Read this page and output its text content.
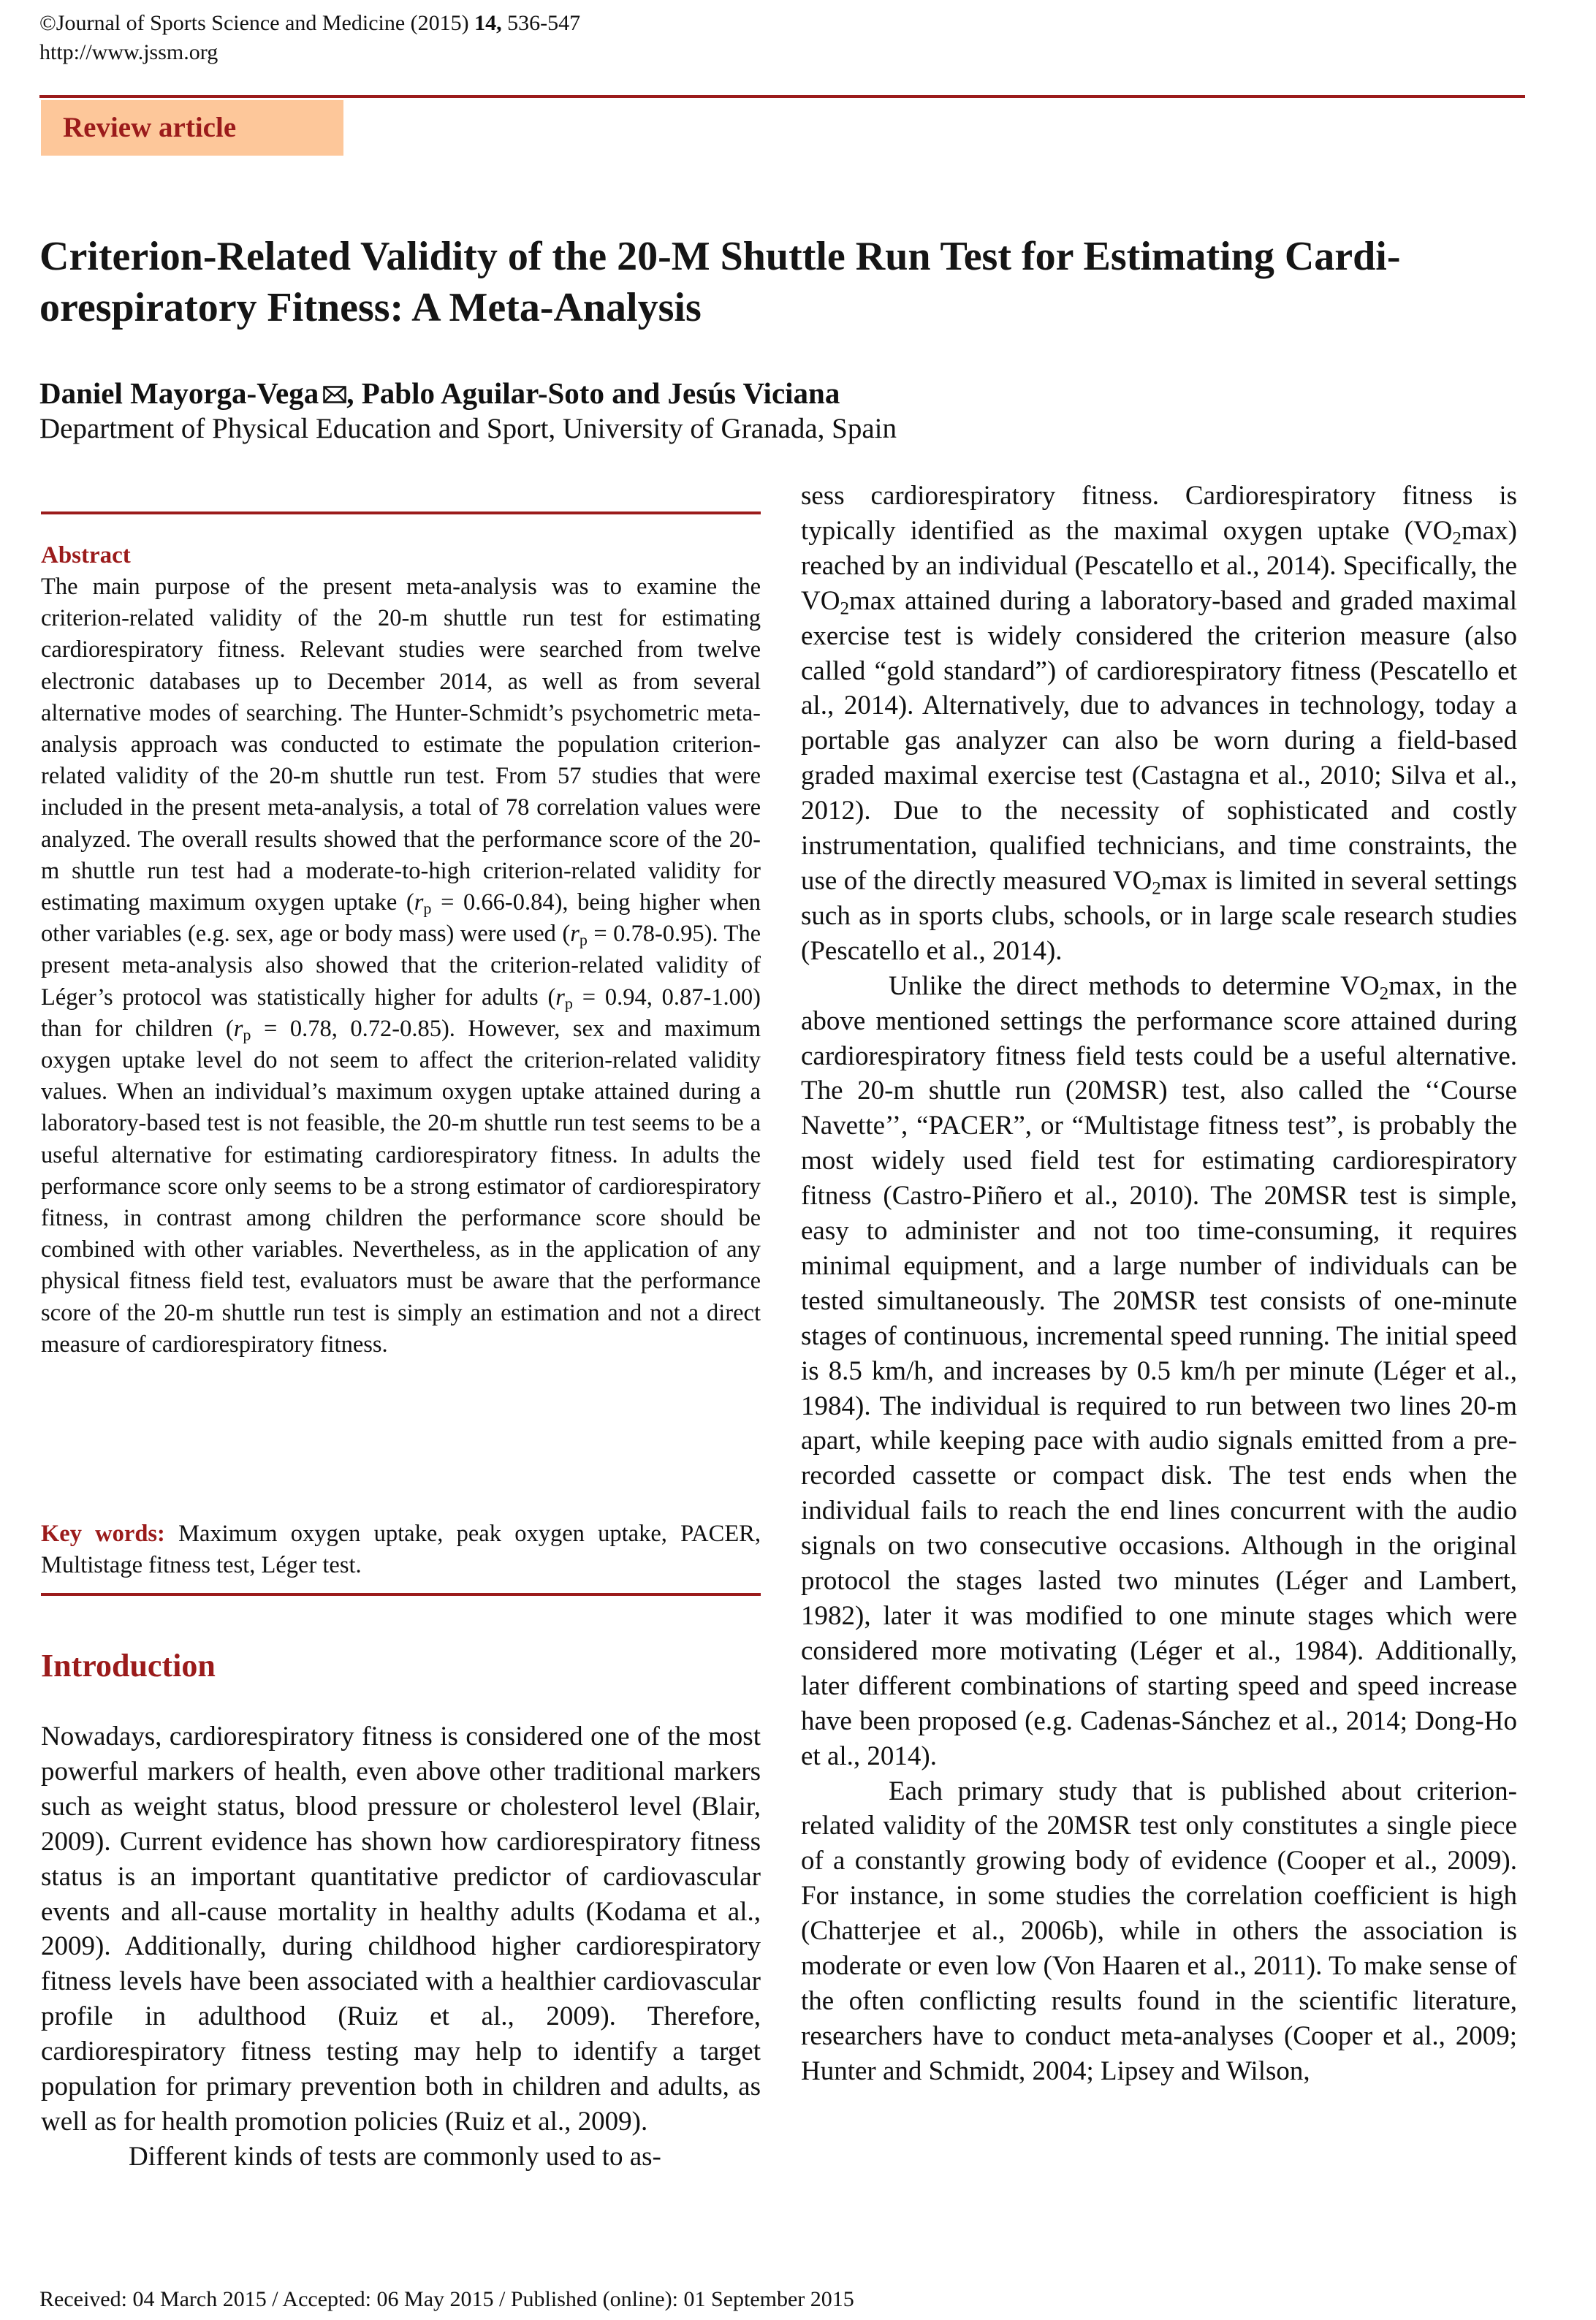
©Journal of Sports Science and Medicine (2015) 14, 536-547
http://www.jssm.org
Review article
Criterion-Related Validity of the 20-M Shuttle Run Test for Estimating Cardiorespiratory Fitness: A Meta-Analysis
Daniel Mayorga-Vega , Pablo Aguilar-Soto and Jesús Viciana
Department of Physical Education and Sport, University of Granada, Spain
Abstract

The main purpose of the present meta-analysis was to examine the criterion-related validity of the 20-m shuttle run test for estimating cardiorespiratory fitness. Relevant studies were searched from twelve electronic databases up to December 2014, as well as from several alternative modes of searching. The Hunter-Schmidt’s psychometric meta-analysis approach was conducted to estimate the population criterion-related validity of the 20-m shuttle run test. From 57 studies that were included in the present meta-analysis, a total of 78 correlation values were analyzed. The overall results showed that the performance score of the 20-m shuttle run test had a moderate-to-high criterion-related validity for estimating maximum oxygen uptake $(r_p = 0.66-0.84)$, being higher when other variables (e.g. sex, age or body mass) were used $(r_p = 0.78-0.95)$. The present meta-analysis also showed that the criterion-related validity of Léger’s protocol was statistically higher for adults ($r_p = 0.94$, 0.87-1.00) than for children ($r_p = 0.78$, 0.72-0.85). However, sex and maximum oxygen uptake level do not seem to affect the criterion-related validity values. When an individual’s maximum oxygen uptake attained during a laboratory-based test is not feasible, the 20-m shuttle run test seems to be a useful alternative for estimating cardiorespiratory fitness. In adults the performance score only seems to be a strong estimator of cardiorespiratory fitness, in contrast among children the performance score should be combined with other variables. Nevertheless, as in the application of any physical fitness field test, evaluators must be aware that the performance score of the 20-m shuttle run test is simply an estimation and not a direct measure of cardiorespiratory fitness.

Key words: Maximum oxygen uptake, peak oxygen uptake, PACER, Multistage fitness test, Léger test.

Introduction

Nowadays, cardiorespiratory fitness is considered one of the most powerful markers of health, even above other traditional markers such as weight status, blood pressure or cholesterol level (Blair, 2009). Current evidence has shown how cardiorespiratory fitness status is an important quantitative predictor of cardiovascular events and all-cause mortality in healthy adults (Kodama et al., 2009). Additionally, during childhood higher cardiorespiratory fitness levels have been associated with a healthier cardiovascular profile in adulthood (Ruiz et al., 2009). Therefore, cardiorespiratory fitness testing may help to identify a target population for primary prevention both in children and adults, as well as for health promotion policies (Ruiz et al., 2009).

Different kinds of tests are commonly used to as-

sess cardiorespiratory fitness. Cardiorespiratory fitness is typically identified as the maximal oxygen uptake $(VO_2\max)$ reached by an individual (Pescatello et al., 2014). Specifically, the $VO_2\max$ attained during a laboratory-based and graded maximal exercise test is widely considered the criterion measure (also called “gold standard”) of cardiorespiratory fitness (Pescatello et al., 2014). Alternatively, due to advances in technology, today a portable gas analyzer can also be worn during a field-based graded maximal exercise test (Castagna et al., 2010; Silva et al., 2012). Due to the necessity of sophisticated and costly instrumentation, qualified technicians, and time constraints, the use of the directly measured $VO_2\max$ is limited in several settings such as in sports clubs, schools, or in large scale research studies (Pescatello et al., 2014).

Unlike the direct methods to determine $VO_2\max$, in the above mentioned settings the performance score attained during cardiorespiratory fitness field tests could be a useful alternative. The 20-m shuttle run (20MSR) test, also called the ‘‘Course Navette’’, “PACER”, or “Multistage fitness test”, is probably the most widely used field test for estimating cardiorespiratory fitness (Castro-Piñero et al., 2010). The 20MSR test is simple, easy to administer and not too time-consuming, it requires minimal equipment, and a large number of individuals can be tested simultaneously. The 20MSR test consists of one-minute stages of continuous, incremental speed running. The initial speed is 8.5 km/h, and increases by 0.5 km/h per minute (Léger et al., 1984). The individual is required to run between two lines 20-m apart, while keeping pace with audio signals emitted from a pre-recorded cassette or compact disk. The test ends when the individual fails to reach the end lines concurrent with the audio signals on two consecutive occasions. Although in the original protocol the stages lasted two minutes (Léger and Lambert, 1982), later it was modified to one minute stages which were considered more motivating (Léger et al., 1984). Additionally, later different combinations of starting speed and speed increase have been proposed (e.g. Cadenas-Sánchez et al., 2014; Dong-Ho et al., 2014).

Each primary study that is published about criterion-related validity of the 20MSR test only constitutes a single piece of a constantly growing body of evidence (Cooper et al., 2009). For instance, in some studies the correlation coefficient is high (Chatterjee et al., 2006b), while in others the association is moderate or even low (Von Haaren et al., 2011). To make sense of the often conflicting results found in the scientific literature, researchers have to conduct meta-analyses (Cooper et al., 2009; Hunter and Schmidt, 2004; Lipsey and Wilson,

Received: 04 March 2015 / Accepted: 06 May 2015 / Published (online): 01 September 2015
